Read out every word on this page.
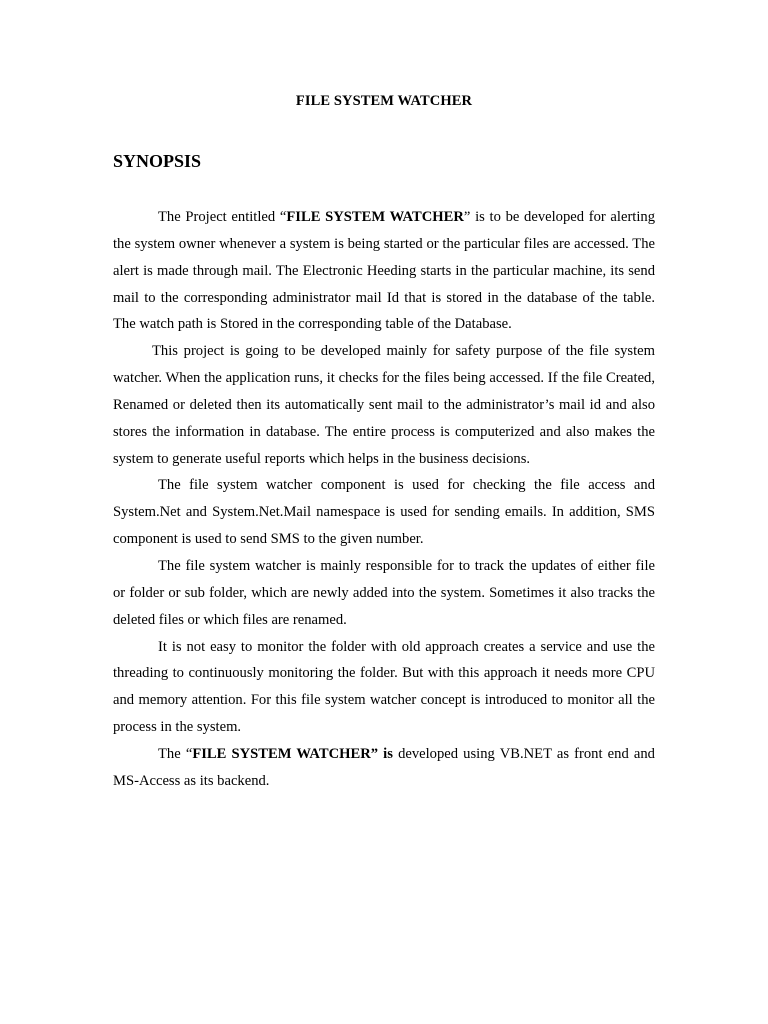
FILE SYSTEM WATCHER
SYNOPSIS

The Project entitled “FILE SYSTEM WATCHER” is to be developed for alerting the system owner whenever a system is being started or the particular files are accessed. The alert is made through mail. The Electronic Heeding starts in the particular machine, its send mail to the corresponding administrator mail Id that is stored in the database of the table. The watch path is Stored in the corresponding table of the Database.

This project is going to be developed mainly for safety purpose of the file system watcher. When the application runs, it checks for the files being accessed. If the file Created, Renamed or deleted then its automatically sent mail to the administrator’s mail id and also stores the information in database. The entire process is computerized and also makes the system to generate useful reports which helps in the business decisions.

The file system watcher component is used for checking the file access and System.Net and System.Net.Mail namespace is used for sending emails. In addition, SMS component is used to send SMS to the given number.

The file system watcher is mainly responsible for to track the updates of either file or folder or sub folder, which are newly added into the system. Sometimes it also tracks the deleted files or which files are renamed.

It is not easy to monitor the folder with old approach creates a service and use the threading to continuously monitoring the folder. But with this approach it needs more CPU and memory attention. For this file system watcher concept is introduced to monitor all the process in the system.

The “FILE SYSTEM WATCHER” is developed using VB.NET as front end and MS-Access as its backend.
